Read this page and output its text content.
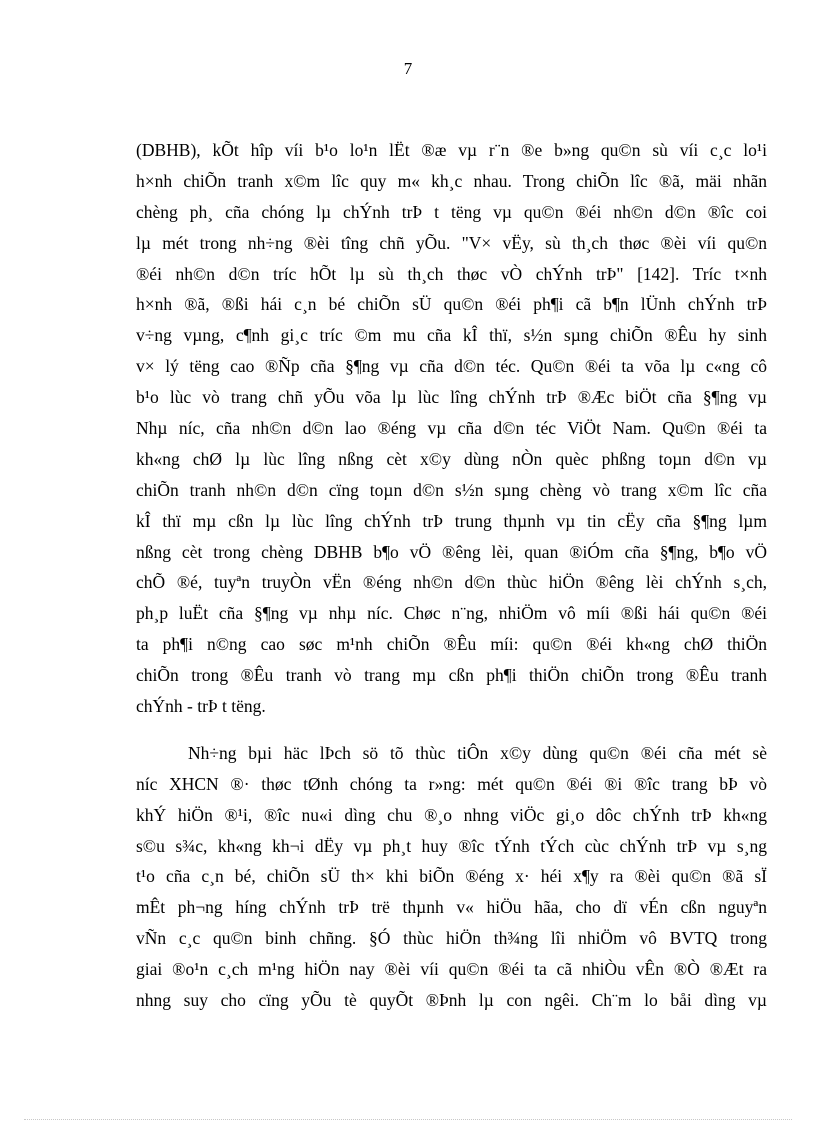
7
(DBHB), kÕt hîp víi b¹o lo¹n lËt ®æ vµ r¨n ®e b»ng qu©n sù víi c¸c lo¹i
h×nh chiÕn tranh x©m lîc quy m« kh¸c nhau. Trong chiÕn lîc ®ã, mäi nhãn
chèng ph¸ cña chóng lµ chÝnh trÞ t tëng vµ qu©n ®éi nh©n d©n ®îc coi
lµ mét trong nh÷ng ®èi tîng chñ yÕu. "V× vËy, sù th¸ch thøc ®èi víi qu©n
®éi nh©n d©n tríc hÕt lµ sù th¸ch thøc vÒ chÝnh trÞ" [142]. Tríc t×nh
h×nh ®ã, ®ßi hái c¸n bé chiÕn sÜ qu©n ®éi ph¶i cã b¶n lÜnh chÝnh trÞ
v÷ng vµng, c¶nh gi¸c tríc ©m mu cña kÎ thï, s½n sµng chiÕn ®Êu hy sinh
v× lý tëng cao ®Ñp cña §¶ng vµ cña d©n téc. Qu©n ®éi ta võa lµ c«ng cô
b¹o lùc vò trang chñ yÕu võa lµ lùc lîng chÝnh trÞ ®Æc biÖt cña §¶ng vµ
Nhµ níc, cña nh©n d©n lao ®éng vµ cña d©n téc ViÖt Nam. Qu©n ®éi ta
kh«ng chØ lµ lùc lîng nßng cèt x©y dùng nÒn quèc phßng toµn d©n vµ
chiÕn tranh nh©n d©n cïng toµn d©n s½n sµng chèng vò trang x©m lîc cña
kÎ thï mµ cßn lµ lùc lîng chÝnh trÞ trung thµnh vµ tin cËy cña §¶ng lµm
nßng cèt trong chèng DBHB b¶o vÖ ®êng lèi, quan ®iÓm cña §¶ng, b¶o vÖ
chÕ ®é, tuyªn truyÒn vËn ®éng nh©n d©n thùc hiÖn ®êng lèi chÝnh s¸ch,
ph¸p luËt cña §¶ng vµ nhµ níc. Chøc n¨ng, nhiÖm vô míi ®ßi hái qu©n ®éi
ta ph¶i n©ng cao søc m¹nh chiÕn ®Êu míi: qu©n ®éi kh«ng chØ thiÖn
chiÕn trong ®Êu tranh vò trang mµ cßn ph¶i thiÖn chiÕn trong ®Êu tranh
chÝnh - trÞ t tëng.
Nh÷ng bµi häc lÞch sö tõ thùc tiÔn x©y dùng qu©n ®éi cña mét sè
níc XHCN ®· thøc tØnh chóng ta r»ng: mét qu©n ®éi ®i ®îc trang bÞ vò
khÝ hiÖn ®¹i, ®îc nu«i dìng chu ®¸o nhng viÖc gi¸o dôc chÝnh trÞ kh«ng
s©u s¾c, kh«ng kh¬i dËy vµ ph¸t huy ®îc tÝnh tÝch cùc chÝnh trÞ vµ s¸ng
t¹o cña c¸n bé, chiÕn sÜ th× khi biÕn ®éng x· héi x¶y ra ®èi qu©n ®ã sÏ
mÊt ph¬ng híng chÝnh trÞ trë thµnh v« hiÖu hãa, cho dï vÉn cßn nguyªn
vÑn c¸c qu©n binh chñng. §Ó thùc hiÖn th¾ng lîi nhiÖm vô BVTQ trong
giai ®o¹n c¸ch m¹ng hiÖn nay ®èi víi qu©n ®éi ta cã nhiÒu vÊn ®Ò ®Æt ra
nhng suy cho cïng yÕu tè quyÕt ®Þnh lµ con ngêi. Ch¨m lo båi dìng vµ
